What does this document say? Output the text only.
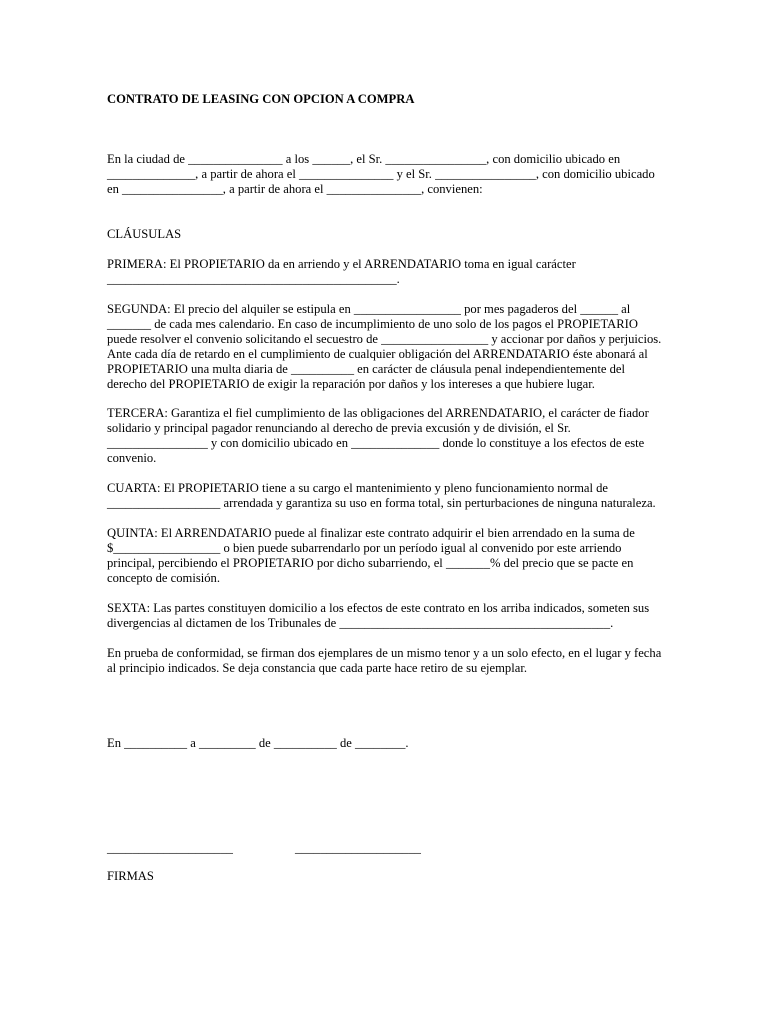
CONTRATO DE LEASING CON OPCION A COMPRA

En la ciudad de _______________ a los ______, el Sr. ________________, con domicilio ubicado en
______________, a partir de ahora el _______________ y el Sr. ________________, con domicilio ubicado
en ________________, a partir de ahora el _______________, convienen:

CLÁUSULAS

PRIMERA: El PROPIETARIO da en arriendo y el ARRENDATARIO toma en igual carácter
______________________________________________.

SEGUNDA: El precio del alquiler se estipula en _________________ por mes pagaderos del ______ al
_______ de cada mes calendario. En caso de incumplimiento de uno solo de los pagos el PROPIETARIO
puede resolver el convenio solicitando el secuestro de _________________ y accionar por daños y perjuicios.
Ante cada día de retardo en el cumplimiento de cualquier obligación del ARRENDATARIO éste abonará al
PROPIETARIO una multa diaria de __________ en carácter de cláusula penal independientemente del
derecho del PROPIETARIO de exigir la reparación por daños y los intereses a que hubiere lugar.

TERCERA: Garantiza el fiel cumplimiento de las obligaciones del ARRENDATARIO, el carácter de fiador
solidario y principal pagador renunciando al derecho de previa excusión y de división, el Sr.
________________ y con domicilio ubicado en ______________ donde lo constituye a los efectos de este
convenio.

CUARTA: El PROPIETARIO tiene a su cargo el mantenimiento y pleno funcionamiento normal de
__________________ arrendada y garantiza su uso en forma total, sin perturbaciones de ninguna naturaleza.

QUINTA: El ARRENDATARIO puede al finalizar este contrato adquirir el bien arrendado en la suma de
$_________________ o bien puede subarrendarlo por un período igual al convenido por este arriendo
principal, percibiendo el PROPIETARIO por dicho subarriendo, el _______% del precio que se pacte en
concepto de comisión.

SEXTA: Las partes constituyen domicilio a los efectos de este contrato en los arriba indicados, someten sus
divergencias al dictamen de los Tribunales de ___________________________________________.

En prueba de conformidad, se firman dos ejemplares de un mismo tenor y a un solo efecto, en el lugar y fecha
al principio indicados. Se deja constancia que cada parte hace retiro de su ejemplar.

En __________ a _________ de __________ de ________.

____________________	____________________

FIRMAS
